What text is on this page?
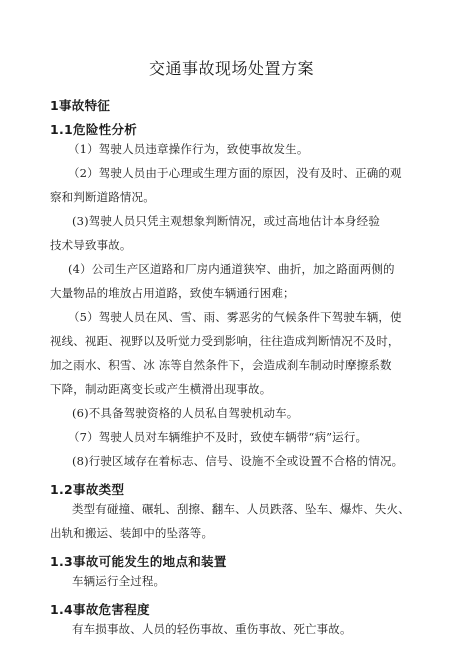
交通事故现场处置方案
1事故特征
1.1危险性分析
（1）驾驶人员违章操作行为，致使事故发生。
（2）驾驶人员由于心理或生理方面的原因，没有及时、正确的观
察和判断道路情况。
(3)驾驶人员只凭主观想象判断情况，或过高地估计本身经验
技术导致事故。
(4）公司生产区道路和厂房内通道狭窄、曲折，加之路面两侧的
大量物品的堆放占用道路，致使车辆通行困难；
（5）驾驶人员在风、雪、雨、雾恶劣的气候条件下驾驶车辆，使
视线、视距、视野以及听觉力受到影响，往往造成判断情况不及时，
加之雨水、积雪、冰 冻等自然条件下，会造成刹车制动时摩擦系数
下降，制动距离变长或产生横滑出现事故。
(6)不具备驾驶资格的人员私自驾驶机动车。
（7）驾驶人员对车辆维护不及时，致使车辆带“病”运行。
(8)行驶区域存在着标志、信号、设施不全或设置不合格的情况。
1.2事故类型
类型有碰撞、碾轧、刮擦、翻车、人员跌落、坠车、爆炸、失火、
出轨和搬运、装卸中的坠落等。
1.3事故可能发生的地点和装置
车辆运行全过程。
1.4事故危害程度
有车损事故、人员的轻伤事故、重伤事故、死亡事故。
